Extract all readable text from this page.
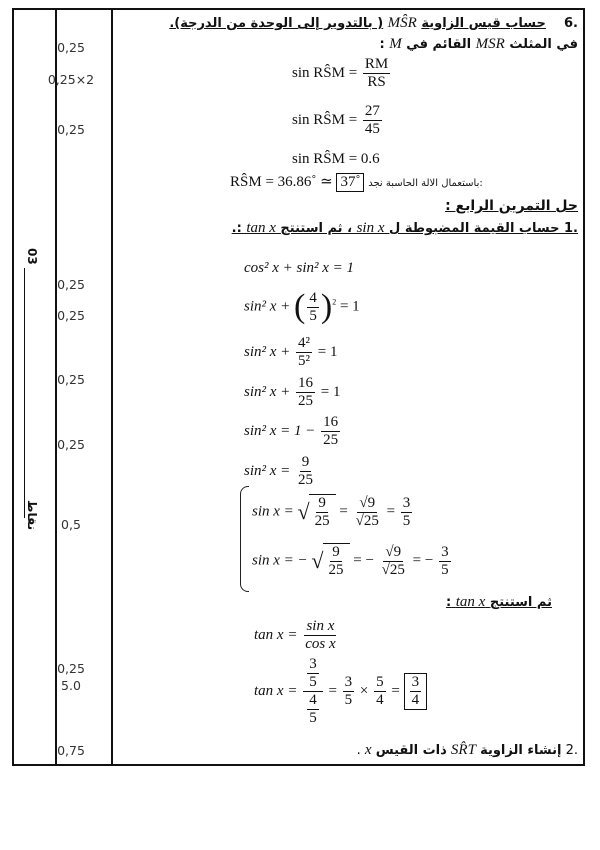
03
نقاط
0,25
0,25×2
0,25
0,25
0,25
0,25
0,25
0,5
0,25
5.0
0,75
.6    حساب قيس الزاوية MŜR ( بالتدوير إلى الوحدة من الدرجة).
في المثلث MSR القائم في M :
sin RŜM = $\frac{RM}{RS}$
sin RŜM = $\frac{27}{45}$
sin RŜM = 0.6
RŜM = 36.86˚ ≃ 37˚ باستعمال الالة الحاسبة نجد:
حل التمرين الرابع :
.1 حساب القيمة المضبوطة ل sin x ، ثم استنتج tan x :.
cos² x + sin² x = 1
sin² x + ( $\frac{4}{5} )^2 = 1$
sin² $x + \frac{\text{4²}}{\text{5²}} = 1$
sin² $x + \frac{16}{25} = 1$
sin² $x = 1 - \frac{16}{25}$
sin² $x = \frac{9}{25}$
sin x = √ $\frac{9}{25} = \frac{√9}{√25} = \frac{3}{5}$
sin x = − √ $\frac{9}{25}$ = − $\frac{√9}{√25}$ = − $\frac{3}{5}$
ثم استنتج tan x :
$\tan x = \frac{\text{sin x}}{\text{cos x}}$
$\tan x = \frac{\frac{3}{5}}{\frac{4}{5}} = \frac{3}{5} \times \frac{5}{4} = \frac{3}{4}$
.2 إنشاء الزاوية SR̂T ذات القيس x .
